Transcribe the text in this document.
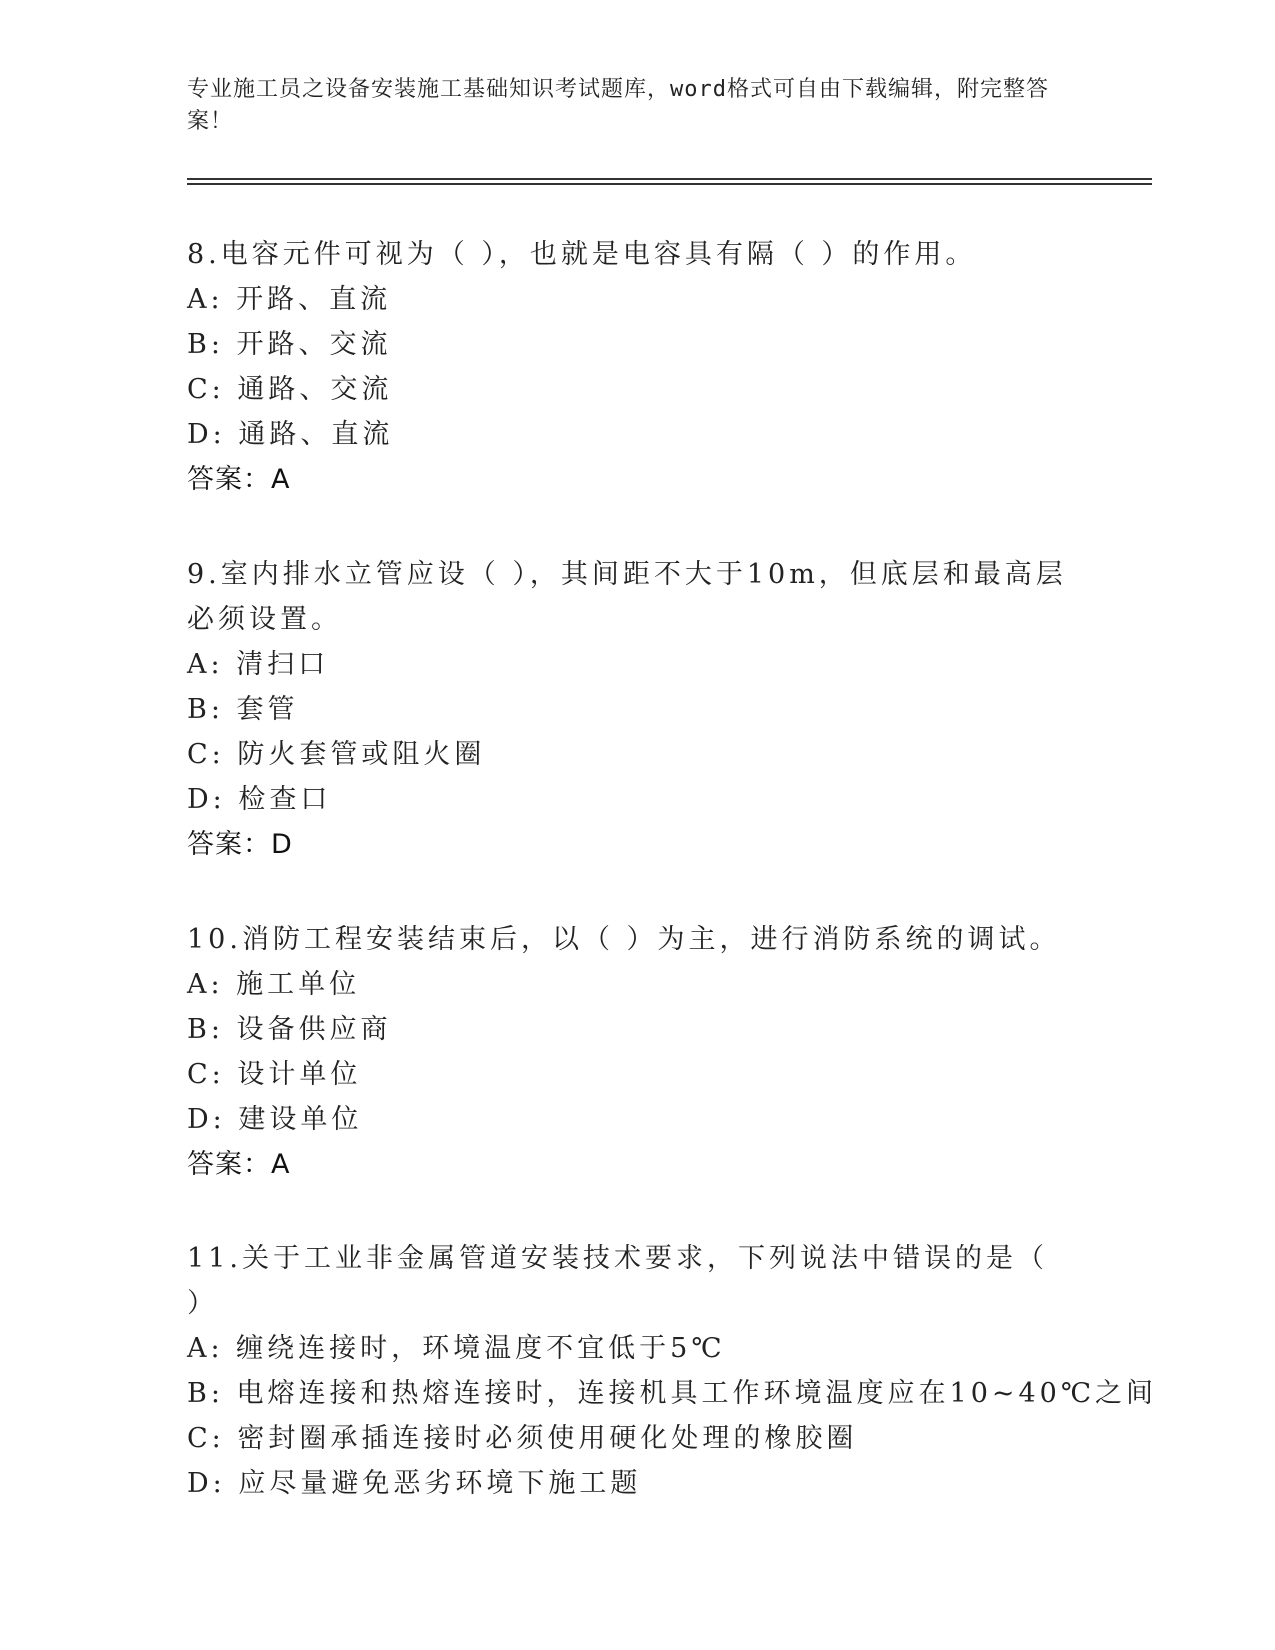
专业施工员之设备安装施工基础知识考试题库，word格式可自由下载编辑，附完整答案！
8.电容元件可视为（ ），也就是电容具有隔（ ）的作用。
A: 开路、直流
B: 开路、交流
C: 通路、交流
D: 通路、直流
答案：A
9.室内排水立管应设（ ），其间距不大于10m，但底层和最高层必须设置。
A: 清扫口
B: 套管
C: 防火套管或阻火圈
D: 检查口
答案：D
10.消防工程安装结束后，以（ ）为主，进行消防系统的调试。
A: 施工单位
B: 设备供应商
C: 设计单位
D: 建设单位
答案：A
11.关于工业非金属管道安装技术要求，下列说法中错误的是（ ）
A: 缠绕连接时，环境温度不宜低于5℃
B: 电熔连接和热熔连接时，连接机具工作环境温度应在10~40℃之间
C: 密封圈承插连接时必须使用硬化处理的橡胶圈
D: 应尽量避免恶劣环境下施工题
